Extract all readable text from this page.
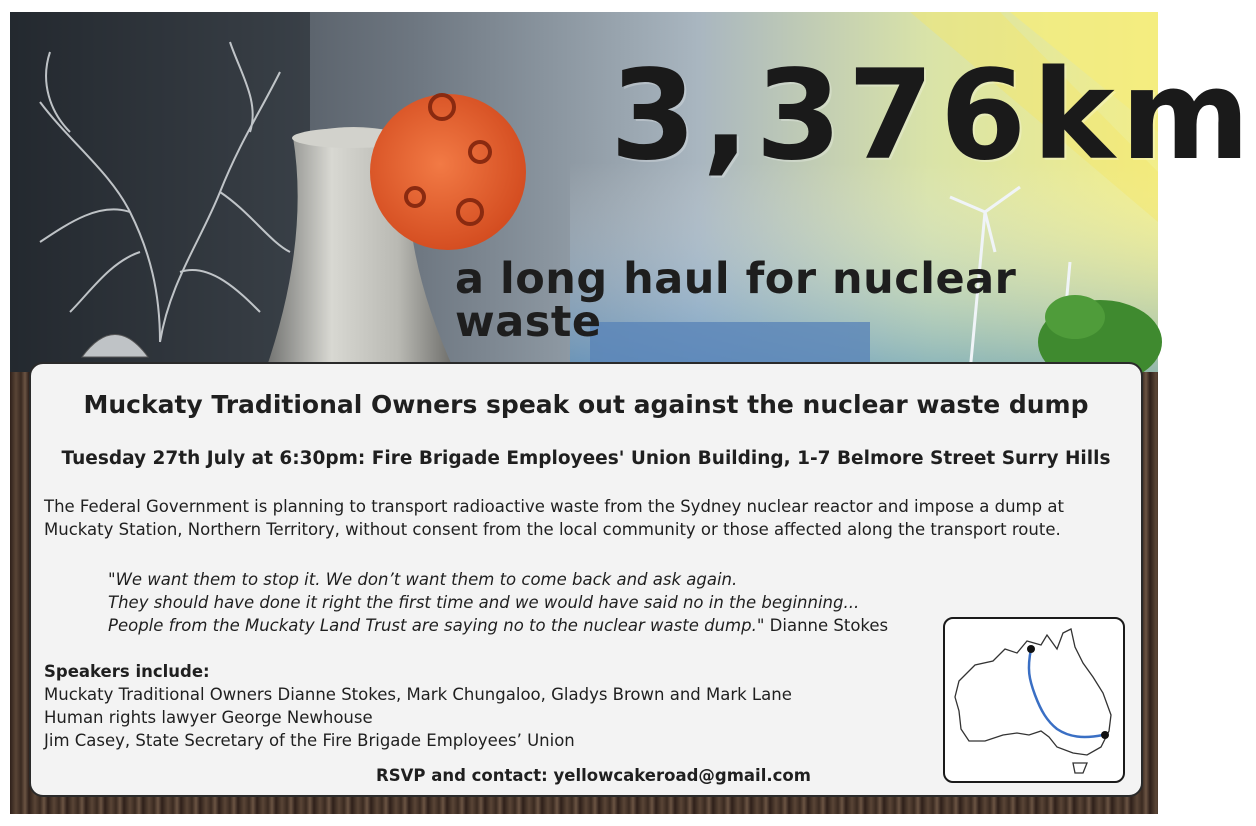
3,376km
a long haul for nuclear waste
Muckaty Traditional Owners speak out against the nuclear waste dump
Tuesday 27th July at 6:30pm: Fire Brigade Employees' Union Building, 1-7 Belmore Street Surry Hills
The Federal Government is planning to transport radioactive waste from the Sydney nuclear reactor and impose a dump at Muckaty Station, Northern Territory, without consent from the local community or those affected along the transport route.
"We want them to stop it. We don’t want them to come back and ask again.
They should have done it right the first time and we would have said no in the beginning...
People from the Muckaty Land Trust are saying no to the nuclear waste dump." Dianne Stokes
Speakers include:
Muckaty Traditional Owners Dianne Stokes, Mark Chungaloo, Gladys Brown and Mark Lane
Human rights lawyer George Newhouse
Jim Casey, State Secretary of the Fire Brigade Employees’ Union
RSVP and contact: yellowcakeroad@gmail.com
